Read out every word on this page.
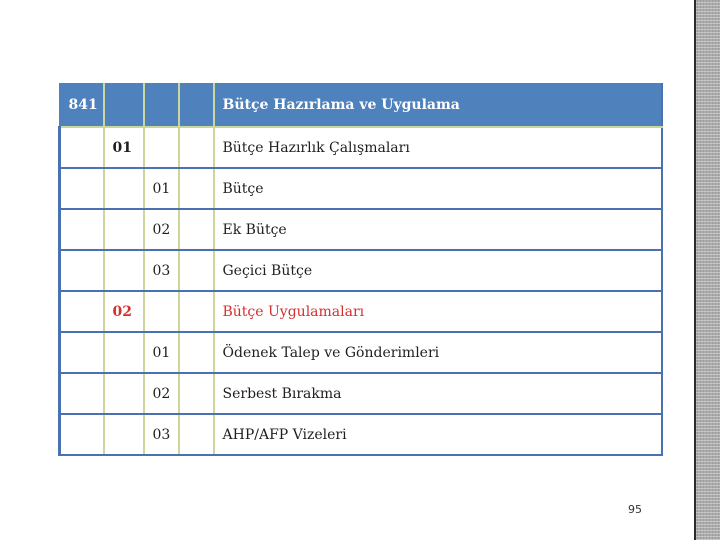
841				Bütçe Hazırlama ve Uygulama
	01			Bütçe Hazırlık Çalışmaları
		01		Bütçe
		02		Ek Bütçe
		03		Geçici Bütçe
	02			Bütçe Uygulamaları
		01		Ödenek Talep ve Gönderimleri
		02		Serbest Bırakma
		03		AHP/AFP Vizeleri
95
